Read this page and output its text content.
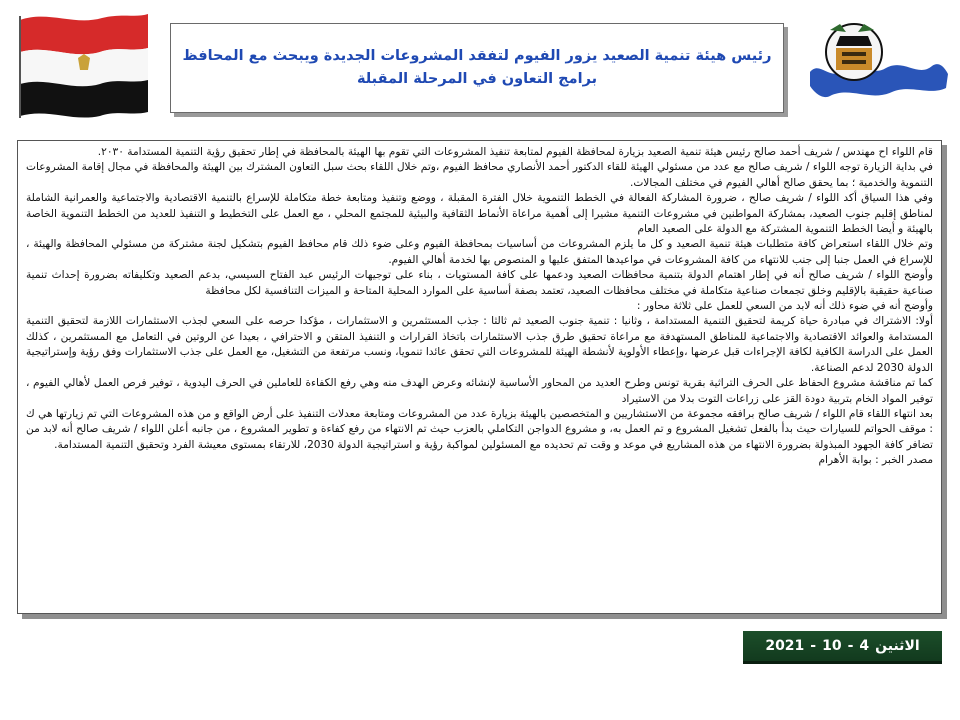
رئيس هيئة تنمية الصعيد يزور الفيوم لتفقد المشروعات الجديدة ويبحث مع المحافظ برامج التعاون في المرحلة المقبلة

قام اللواء اح مهندس / شريف أحمد صالح رئيس هيئة تنمية الصعيد بزيارة لمحافظة الفيوم لمتابعة تنفيذ المشروعات التي تقوم بها الهيئة بالمحافظة في إطار تحقيق رؤية التنمية المستدامة ٢٠٣٠.

في بداية الزيارة توجه اللواء / شريف صالح مع عدد من مسئولي الهيئة للقاء الدكتور أحمد الأنصاري محافظ الفيوم ،وتم خلال اللقاء بحث سبل التعاون المشترك بين الهيئة والمحافظة في مجال إقامة المشروعات التنموية والخدمية ؛ بما يحقق صالح أهالي الفيوم في مختلف المجالات.

وفي هذا السياق أكد اللواء / شريف صالح ، ضرورة المشاركة الفعالة في الخطط التنموية خلال الفترة المقبلة ، ووضع وتنفيذ ومتابعة خطة متكاملة للإسراع بالتنمية الاقتصادية والاجتماعية والعمرانية الشاملة لمناطق إقليم جنوب الصعيد، بمشاركة المواطنين في مشروعات التنمية مشيرا إلى أهمية مراعاة الأنماط الثقافية والبيئية للمجتمع المحلي ، مع العمل على التخطيط و التنفيذ للعديد من الخطط التنموية الخاصة بالهيئة و أيضا الخطط التنموية المشتركة مع الدولة على الصعيد العام

وتم خلال اللقاء استعراض كافة متطلبات هيئة تنمية الصعيد و كل ما يلزم المشروعات من أساسيات بمحافظة الفيوم وعلى ضوء ذلك قام محافظ الفيوم بتشكيل لجنة مشتركة من مسئولي المحافظة والهيئة ، للإسراع في العمل جنبا إلى جنب للانتهاء من كافة المشروعات في مواعيدها المتفق عليها و المنصوص بها لخدمة أهالي الفيوم.

وأوضح اللواء / شريف صالح أنه في إطار اهتمام الدولة بتنمية محافظات الصعيد ودعمها على كافة المستويات ، بناء على توجيهات الرئيس عبد الفتاح السيسي، بدعم الصعيد وتكليفاته بضرورة إحداث تنمية صناعية حقيقية بالإقليم وخلق تجمعات صناعية متكاملة في مختلف محافظات الصعيد، تعتمد بصفة أساسية على الموارد المحلية المتاحة و الميزات التنافسية لكل محافظة

وأوضح أنه في ضوء ذلك أنه لابد من السعي للعمل على ثلاثة محاور :

أولا: الاشتراك في مبادرة حياة كريمة لتحقيق التنمية المستدامة ، وثانيا : تنمية جنوب الصعيد ثم ثالثا : جذب المستثمرين و الاستثمارات ، مؤكدا حرصه على السعي لجذب الاستثمارات اللازمة لتحقيق التنمية المستدامة والعوائد الاقتصادية والاجتماعية للمناطق المستهدفة مع مراعاة تحقيق طرق جذب الاستثمارات باتخاذ القرارات و التنفيذ المتقن و الاحترافي ، بعيدا عن الروتين في التعامل مع المستثمرين ، كذلك العمل على الدراسة الكافية لكافة الإجراءات قبل عرضها ،وإعطاء الأولوية لأنشطة الهيئة للمشروعات التي تحقق عائدا تنمويا، ونسب مرتفعة من التشغيل، مع العمل على جذب الاستثمارات وفق رؤية وإستراتيجية الدولة 2030 لدعم الصناعة.

كما تم مناقشة مشروع الحفاظ على الحرف التراثية بقرية تونس وطرح العديد من المحاور الأساسية لإنشائه وعرض الهدف منه وهي رفع الكفاءة للعاملين في الحرف اليدوية ، توفير فرص العمل لأهالي الفيوم ، توفير المواد الخام بتربية دودة القز على زراعات التوت بدلا من الاستيراد

بعد انتهاء اللقاء قام اللواء / شريف صالح برافقه مجموعة من الاستشاريين و المتخصصين بالهيئة بزيارة عدد من المشروعات ومتابعة معدلات التنفيذ على أرض الواقع و من هذه المشروعات التي تم زيارتها هي ك : موقف الحواتم للسيارات حيث بدأ بالفعل تشغيل المشروع و تم العمل به، و مشروع الدواجن التكاملي بالعزب حيث تم الانتهاء من رفع كفاءة و تطوير المشروع ، من جانبه أعلن اللواء / شريف صالح أنه لابد من تضافر كافة الجهود المبذولة بضرورة الانتهاء من هذه المشاريع في موعد و وقت تم تحديده مع المسئولين لمواكبة رؤية و استراتيجية الدولة 2030، للارتقاء بمستوى معيشة الفرد وتحقيق التنمية المستدامة.

مصدر الخبر : بوابة الأهرام

الاثنين
4
-
10
-
2021
